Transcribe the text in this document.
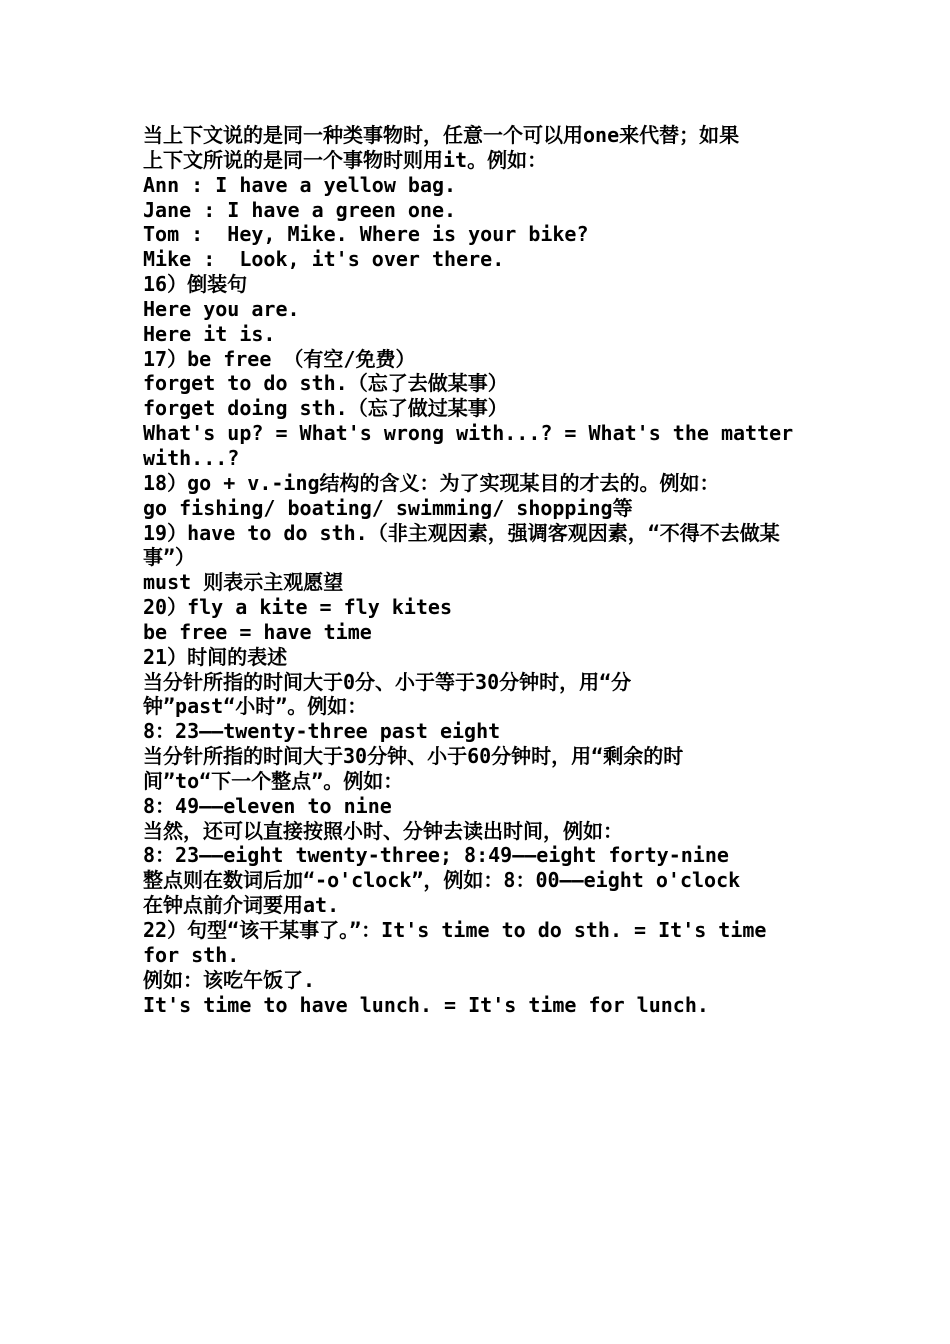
当上下文说的是同一种类事物时，任意一个可以用one来代替；如果
上下文所说的是同一个事物时则用it。例如：
Ann : I have a yellow bag.
Jane : I have a green one.
Tom :  Hey, Mike. Where is your bike?
Mike :  Look, it's over there.
16）倒装句
Here you are.
Here it is.
17）be free （有空/免费）
forget to do sth.（忘了去做某事）
forget doing sth.（忘了做过某事）
What's up? = What's wrong with...? = What's the matter
with...?
18）go + v.-ing结构的含义：为了实现某目的才去的。例如：
go fishing/ boating/ swimming/ shopping等
19）have to do sth.（非主观因素，强调客观因素，“不得不去做某
事”）
must 则表示主观愿望
20）fly a kite = fly kites
be free = have time
21）时间的表述
当分针所指的时间大于0分、小于等于30分钟时，用“分
钟”past“小时”。例如：
8：23——twenty-three past eight
当分针所指的时间大于30分钟、小于60分钟时，用“剩余的时
间”to“下一个整点”。例如：
8：49——eleven to nine
当然，还可以直接按照小时、分钟去读出时间，例如：
8：23——eight twenty-three; 8:49——eight forty-nine
整点则在数词后加“-o'clock”，例如：8：00——eight o'clock
在钟点前介词要用at.
22）句型“该干某事了。”：It's time to do sth. = It's time
for sth.
例如：该吃午饭了.
It's time to have lunch. = It's time for lunch.
